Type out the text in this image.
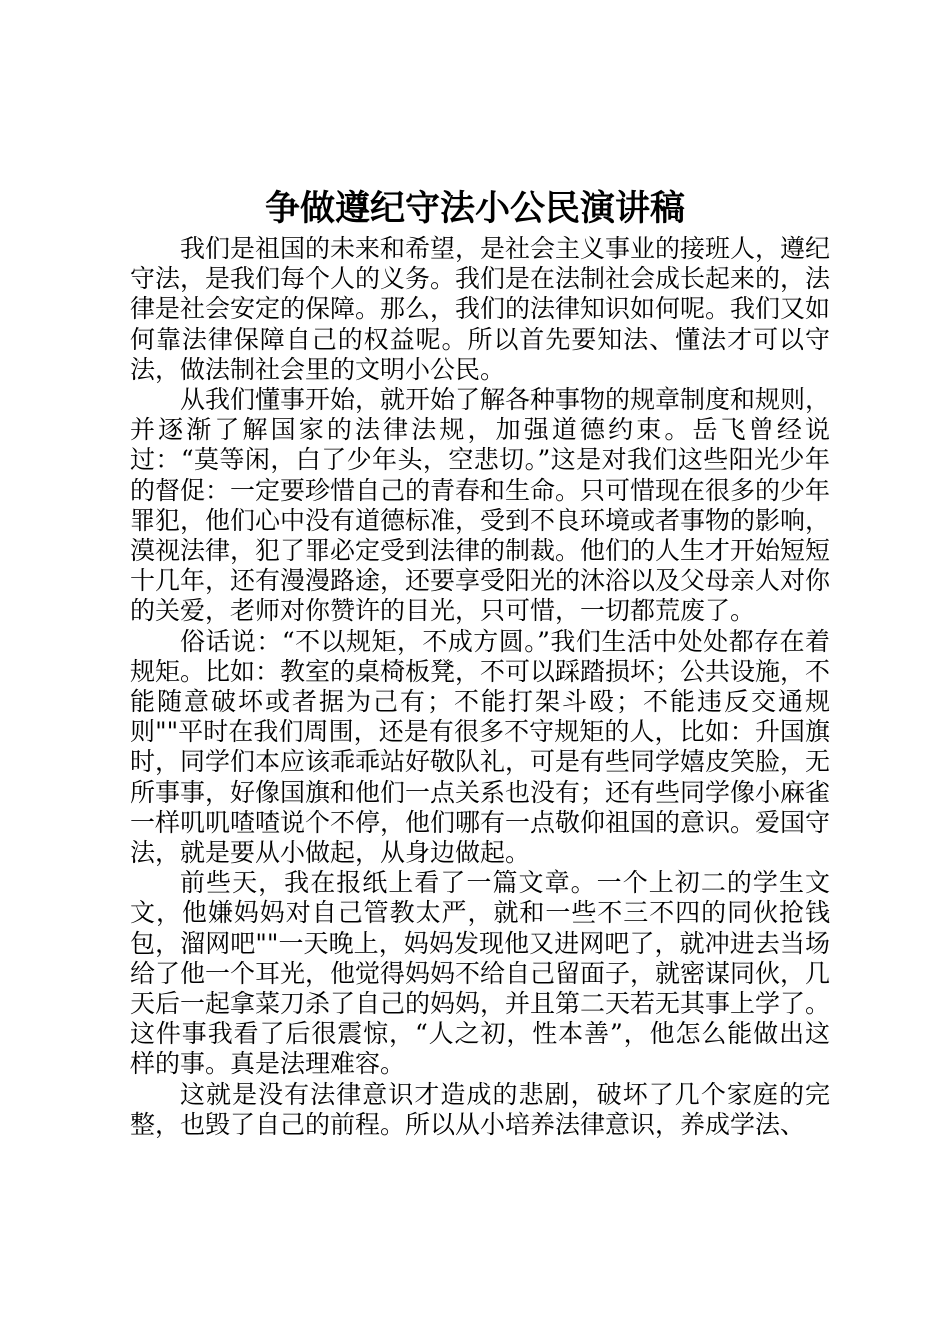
争做遵纪守法小公民演讲稿

我们是祖国的未来和希望，是社会主义事业的接班人，遵纪守法，是我们每个人的义务。我们是在法制社会成长起来的，法律是社会安定的保障。那么，我们的法律知识如何呢。我们又如何靠法律保障自己的权益呢。所以首先要知法、懂法才可以守法，做法制社会里的文明小公民。

从我们懂事开始，就开始了解各种事物的规章制度和规则，并逐渐了解国家的法律法规，加强道德约束。岳飞曾经说过：“莫等闲，白了少年头，空悲切。”这是对我们这些阳光少年的督促：一定要珍惜自己的青春和生命。只可惜现在很多的少年罪犯，他们心中没有道德标准，受到不良环境或者事物的影响，漠视法律，犯了罪必定受到法律的制裁。他们的人生才开始短短十几年，还有漫漫路途，还要享受阳光的沐浴以及父母亲人对你的关爱，老师对你赞许的目光，只可惜，一切都荒废了。

俗话说：“不以规矩，不成方圆。”我们生活中处处都存在着规矩。比如：教室的桌椅板凳，不可以踩踏损坏；公共设施，不能随意破坏或者据为己有；不能打架斗殴；不能违反交通规则""平时在我们周围，还是有很多不守规矩的人，比如：升国旗时，同学们本应该乖乖站好敬队礼，可是有些同学嬉皮笑脸，无所事事，好像国旗和他们一点关系也没有；还有些同学像小麻雀一样叽叽喳喳说个不停，他们哪有一点敬仰祖国的意识。爱国守法，就是要从小做起，从身边做起。

前些天，我在报纸上看了一篇文章。一个上初二的学生文文，他嫌妈妈对自己管教太严，就和一些不三不四的同伙抢钱包，溜网吧""一天晚上，妈妈发现他又进网吧了，就冲进去当场给了他一个耳光，他觉得妈妈不给自己留面子，就密谋同伙，几天后一起拿菜刀杀了自己的妈妈，并且第二天若无其事上学了。这件事我看了后很震惊，“人之初，性本善”，他怎么能做出这样的事。真是法理难容。

这就是没有法律意识才造成的悲剧，破坏了几个家庭的完整，也毁了自己的前程。所以从小培养法律意识，养成学法、
